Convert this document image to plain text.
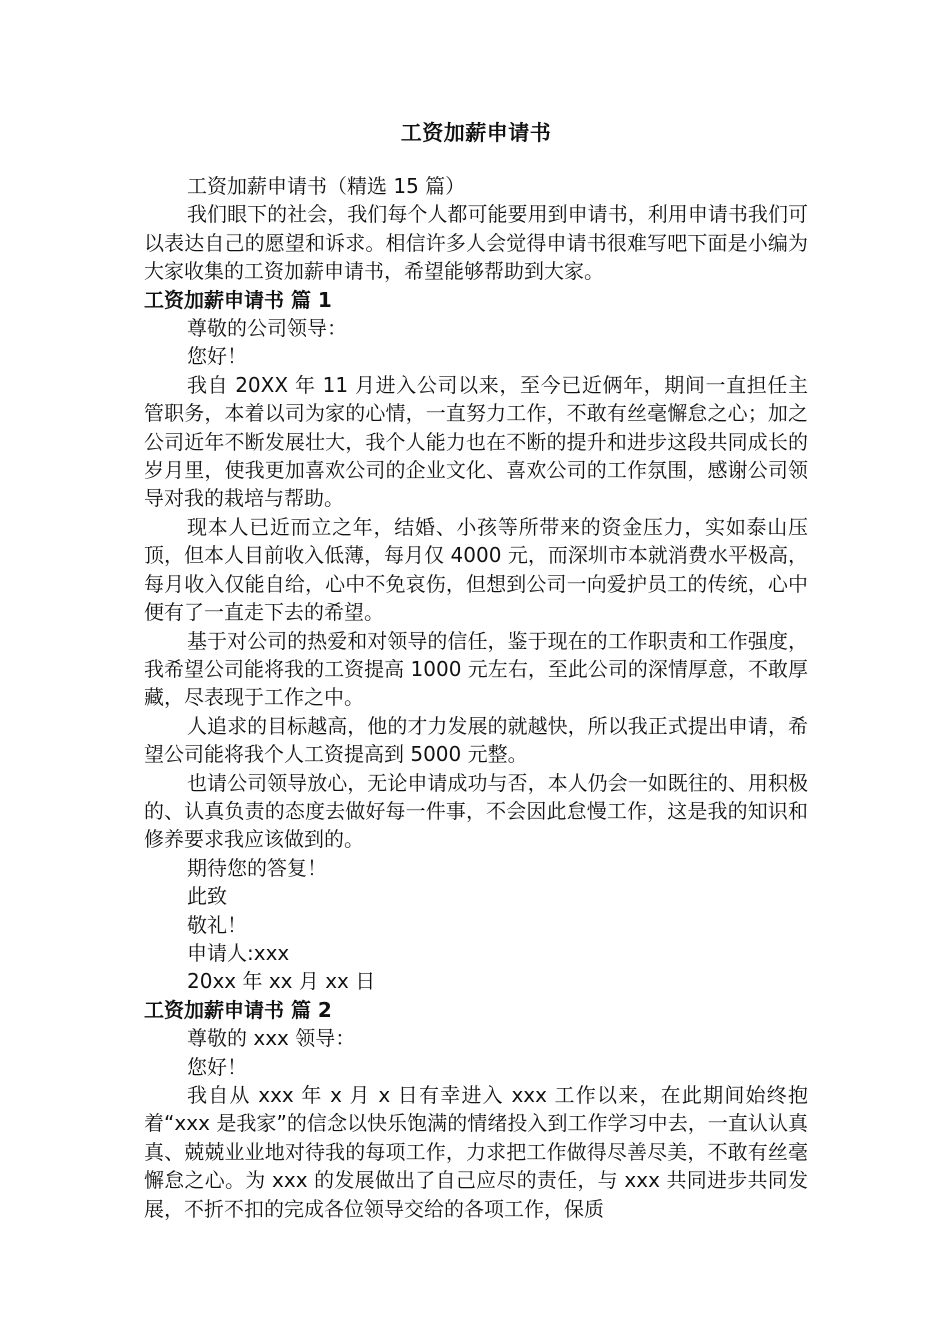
工资加薪申请书

工资加薪申请书（精选 15 篇）

我们眼下的社会，我们每个人都可能要用到申请书，利用申请书我们可以表达自己的愿望和诉求。相信许多人会觉得申请书很难写吧下面是小编为大家收集的工资加薪申请书，希望能够帮助到大家。

工资加薪申请书 篇 1

尊敬的公司领导：

您好！

我自 20XX 年 11 月进入公司以来，至今已近俩年，期间一直担任主管职务，本着以司为家的心情，一直努力工作，不敢有丝毫懈怠之心；加之公司近年不断发展壮大，我个人能力也在不断的提升和进步这段共同成长的岁月里，使我更加喜欢公司的企业文化、喜欢公司的工作氛围，感谢公司领导对我的栽培与帮助。

现本人已近而立之年，结婚、小孩等所带来的资金压力，实如泰山压顶，但本人目前收入低薄，每月仅 4000 元，而深圳市本就消费水平极高，每月收入仅能自给，心中不免哀伤，但想到公司一向爱护员工的传统，心中便有了一直走下去的希望。

基于对公司的热爱和对领导的信任，鉴于现在的工作职责和工作强度，我希望公司能将我的工资提高 1000 元左右，至此公司的深情厚意，不敢厚藏，尽表现于工作之中。

人追求的目标越高，他的才力发展的就越快，所以我正式提出申请，希望公司能将我个人工资提高到 5000 元整。

也请公司领导放心，无论申请成功与否，本人仍会一如既往的、用积极的、认真负责的态度去做好每一件事，不会因此怠慢工作，这是我的知识和修养要求我应该做到的。

期待您的答复！

此致

敬礼！

申请人:xxx

20xx 年 xx 月 xx 日

工资加薪申请书 篇 2

尊敬的 xxx 领导：

您好！

我自从 xxx 年 x 月 x 日有幸进入 xxx 工作以来，在此期间始终抱着“xxx 是我家”的信念以快乐饱满的情绪投入到工作学习中去，一直认认真真、兢兢业业地对待我的每项工作，力求把工作做得尽善尽美，不敢有丝毫懈怠之心。为 xxx 的发展做出了自己应尽的责任，与 xxx 共同进步共同发展，不折不扣的完成各位领导交给的各项工作，保质
